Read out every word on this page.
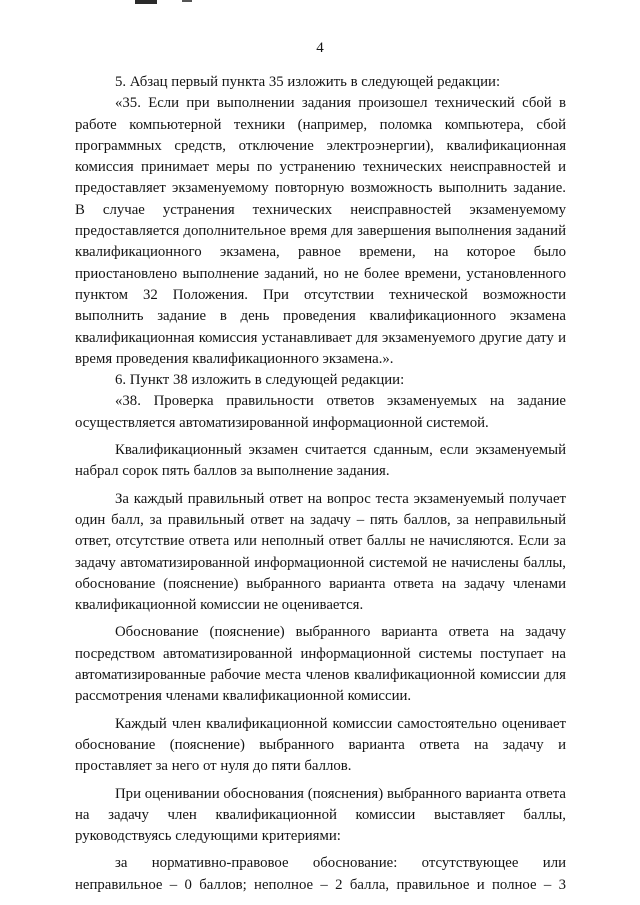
4

5. Абзац первый пункта 35 изложить в следующей редакции:

«35. Если при выполнении задания произошел технический сбой в работе компьютерной техники (например, поломка компьютера, сбой программных средств, отключение электроэнергии), квалификационная комиссия принимает меры по устранению технических неисправностей и предоставляет экзаменуемому повторную возможность выполнить задание. В случае устранения технических неисправностей экзаменуемому предоставляется дополнительное время для завершения выполнения заданий квалификационного экзамена, равное времени, на которое было приостановлено выполнение заданий, но не более времени, установленного пунктом 32 Положения. При отсутствии технической возможности выполнить задание в день проведения квалификационного экзамена квалификационная комиссия устанавливает для экзаменуемого другие дату и время проведения квалификационного экзамена.».

6. Пункт 38 изложить в следующей редакции:

«38. Проверка правильности ответов экзаменуемых на задание осуществляется автоматизированной информационной системой.

Квалификационный экзамен считается сданным, если экзаменуемый набрал сорок пять баллов за выполнение задания.

За каждый правильный ответ на вопрос теста экзаменуемый получает один балл, за правильный ответ на задачу – пять баллов, за неправильный ответ, отсутствие ответа или неполный ответ баллы не начисляются. Если за задачу автоматизированной информационной системой не начислены баллы, обоснование (пояснение) выбранного варианта ответа на задачу членами квалификационной комиссии не оценивается.

Обоснование (пояснение) выбранного варианта ответа на задачу посредством автоматизированной информационной системы поступает на автоматизированные рабочие места членов квалификационной комиссии для рассмотрения членами квалификационной комиссии.

Каждый член квалификационной комиссии самостоятельно оценивает обоснование (пояснение) выбранного варианта ответа на задачу и проставляет за него от нуля до пяти баллов.

При оценивании обоснования (пояснения) выбранного варианта ответа на задачу член квалификационной комиссии выставляет баллы, руководствуясь следующими критериями:

за нормативно-правовое обоснование: отсутствующее или неправильное – 0 баллов; неполное – 2 балла, правильное и полное – 3
